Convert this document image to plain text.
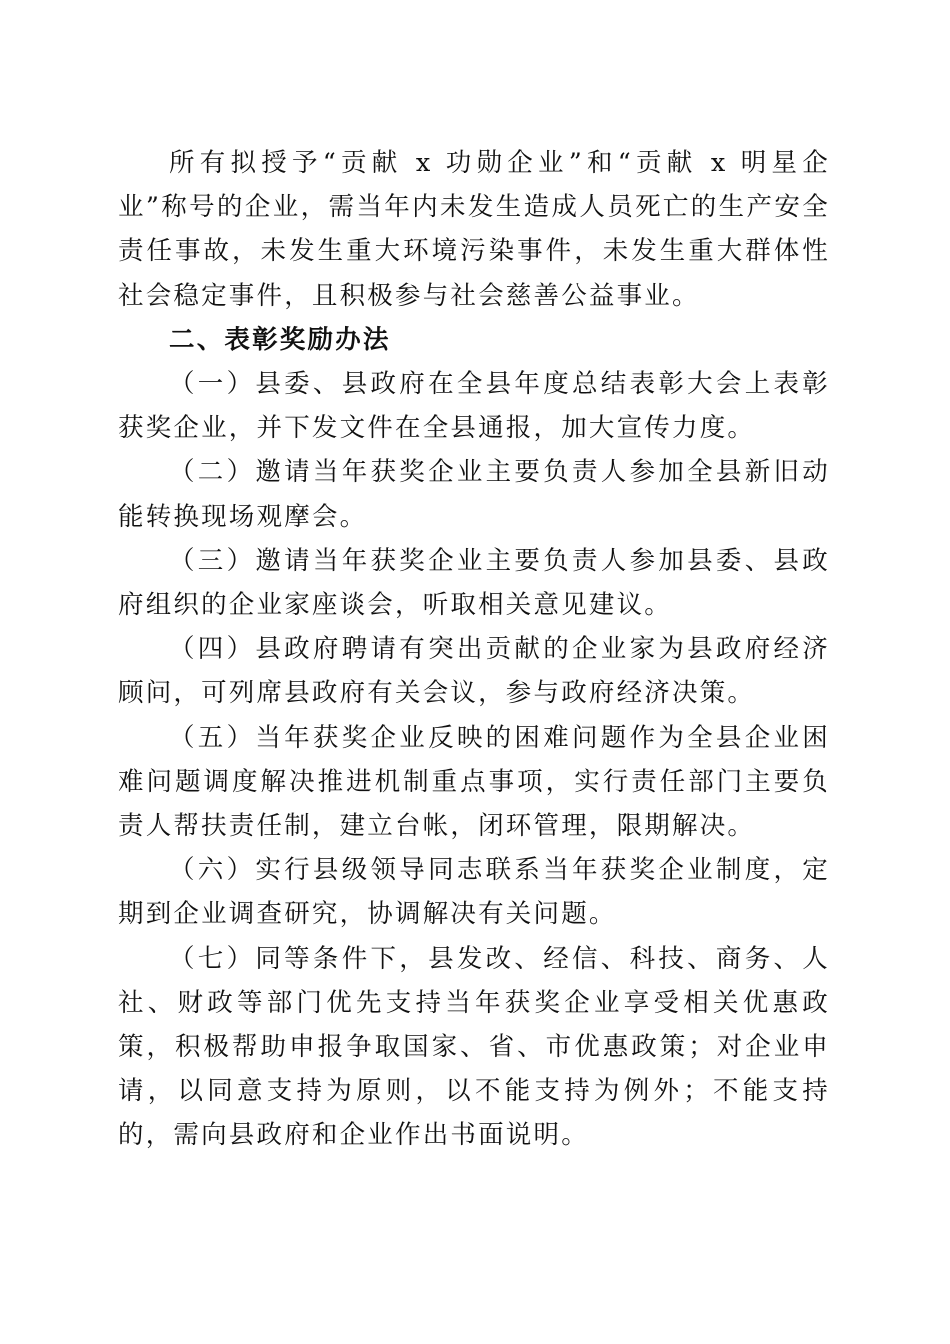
所有拟授予“贡献 x 功勋企业”和“贡献 x 明星企业”称号的企业，需当年内未发生造成人员死亡的生产安全责任事故，未发生重大环境污染事件，未发生重大群体性社会稳定事件，且积极参与社会慈善公益事业。

二、表彰奖励办法

（一）县委、县政府在全县年度总结表彰大会上表彰获奖企业，并下发文件在全县通报，加大宣传力度。

（二）邀请当年获奖企业主要负责人参加全县新旧动能转换现场观摩会。

（三）邀请当年获奖企业主要负责人参加县委、县政府组织的企业家座谈会，听取相关意见建议。

（四）县政府聘请有突出贡献的企业家为县政府经济顾问，可列席县政府有关会议，参与政府经济决策。

（五）当年获奖企业反映的困难问题作为全县企业困难问题调度解决推进机制重点事项，实行责任部门主要负责人帮扶责任制，建立台帐，闭环管理，限期解决。

（六）实行县级领导同志联系当年获奖企业制度，定期到企业调查研究，协调解决有关问题。

（七）同等条件下，县发改、经信、科技、商务、人社、财政等部门优先支持当年获奖企业享受相关优惠政策，积极帮助申报争取国家、省、市优惠政策；对企业申请，以同意支持为原则，以不能支持为例外；不能支持的，需向县政府和企业作出书面说明。
